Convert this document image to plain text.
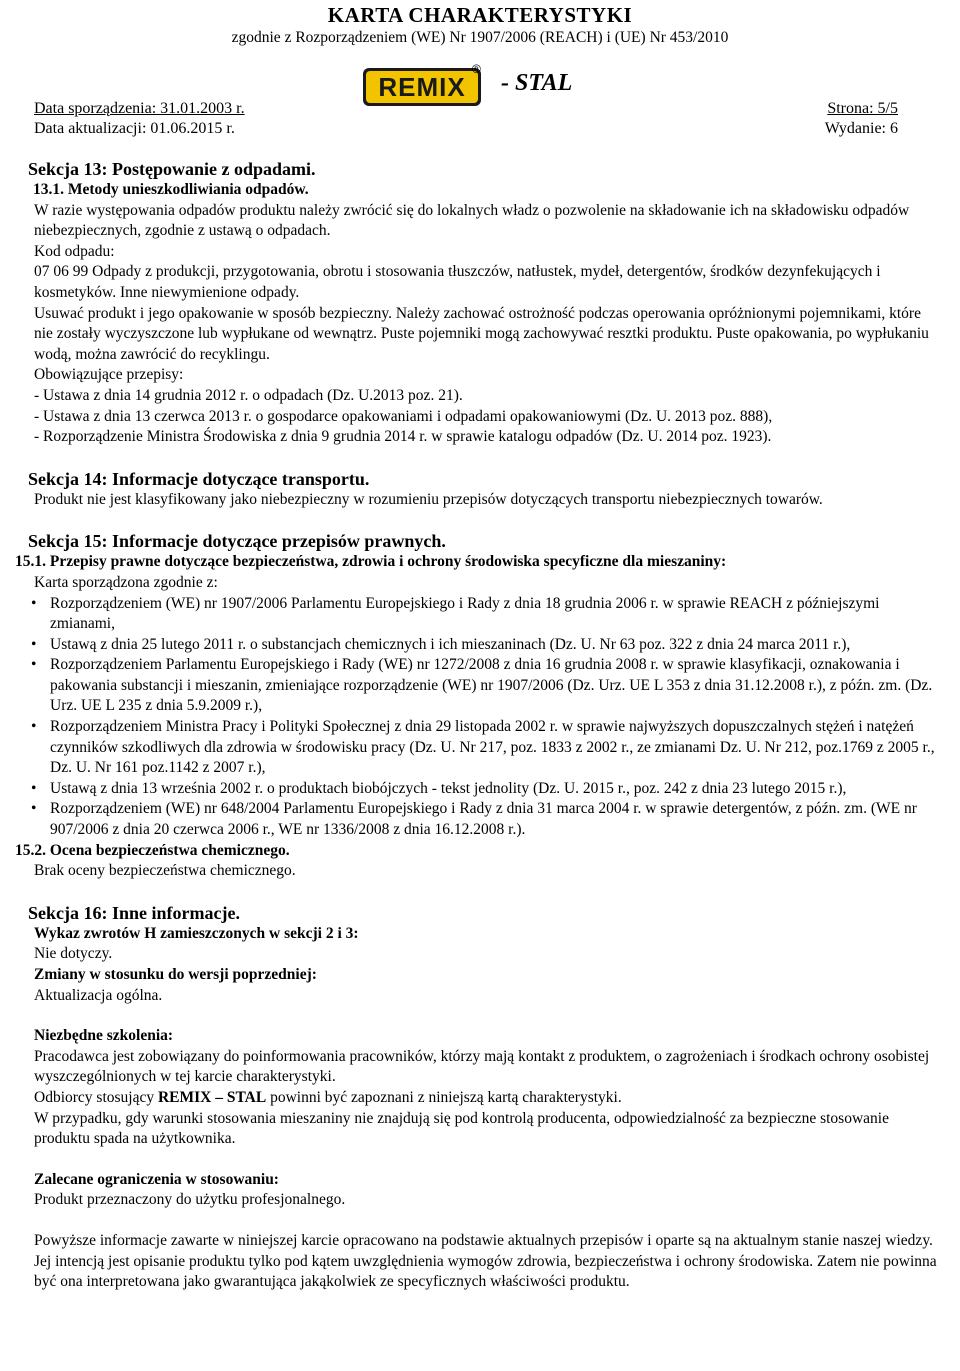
KARTA CHARAKTERYSTYKI
zgodnie z Rozporządzeniem (WE) Nr 1907/2006 (REACH) i (UE) Nr 453/2010
REMIX
®
- STAL
Data sporządzenia: 31.01.2003 r.	Strona: 5/5
Data aktualizacji: 01.06.2015 r.	Wydanie: 6

Sekcja 13: Postępowanie z odpadami.

13.1. Metody unieszkodliwiania odpadów.

W razie występowania odpadów produktu należy zwrócić się do lokalnych władz o pozwolenie na składowanie ich na składowisku odpadów niebezpiecznych, zgodnie z ustawą o odpadach.

Kod odpadu:

07 06 99 Odpady z produkcji, przygotowania, obrotu i stosowania tłuszczów, natłustek, mydeł, detergentów, środków dezynfekujących i kosmetyków. Inne niewymienione odpady.

Usuwać produkt i jego opakowanie w sposób bezpieczny. Należy zachować ostrożność podczas operowania opróżnionymi pojemnikami, które nie zostały wyczyszczone lub wypłukane od wewnątrz. Puste pojemniki mogą zachowywać resztki produktu. Puste opakowania, po wypłukaniu wodą, można zawrócić do recyklingu.

Obowiązujące przepisy:

- Ustawa z dnia 14 grudnia 2012 r. o odpadach (Dz. U.2013 poz. 21).

- Ustawa z dnia 13 czerwca 2013 r. o gospodarce opakowaniami i odpadami opakowaniowymi (Dz. U. 2013 poz. 888),

- Rozporządzenie Ministra Środowiska z dnia 9 grudnia 2014 r. w sprawie katalogu odpadów (Dz. U. 2014 poz. 1923).

Sekcja 14: Informacje dotyczące transportu.

Produkt nie jest klasyfikowany jako niebezpieczny w rozumieniu przepisów dotyczących transportu niebezpiecznych towarów.

Sekcja 15: Informacje dotyczące przepisów prawnych.

15.1. Przepisy prawne dotyczące bezpieczeństwa, zdrowia i ochrony środowiska specyficzne dla mieszaniny:

Karta sporządzona zgodnie z:

• Rozporządzeniem (WE) nr 1907/2006 Parlamentu Europejskiego i Rady z dnia 18 grudnia 2006 r. w sprawie REACH z późniejszymi zmianami,
• Ustawą z dnia 25 lutego 2011 r. o substancjach chemicznych i ich mieszaninach (Dz. U. Nr 63 poz. 322 z dnia 24 marca 2011 r.),
• Rozporządzeniem Parlamentu Europejskiego i Rady (WE) nr 1272/2008 z dnia 16 grudnia 2008 r. w sprawie klasyfikacji, oznakowania i pakowania substancji i mieszanin, zmieniające rozporządzenie (WE) nr 1907/2006 (Dz. Urz. UE L 353 z dnia 31.12.2008 r.), z późn. zm. (Dz. Urz. UE L 235 z dnia 5.9.2009 r.),
• Rozporządzeniem Ministra Pracy i Polityki Społecznej z dnia 29 listopada 2002 r. w sprawie najwyższych dopuszczalnych stężeń i natężeń czynników szkodliwych dla zdrowia w środowisku pracy (Dz. U. Nr 217, poz. 1833 z 2002 r., ze zmianami Dz. U. Nr 212, poz.1769 z 2005 r., Dz. U. Nr 161 poz.1142 z 2007 r.),
• Ustawą z dnia 13 września 2002 r. o produktach biobójczych - tekst jednolity (Dz. U. 2015 r., poz. 242 z dnia 23 lutego 2015 r.),
• Rozporządzeniem (WE) nr 648/2004 Parlamentu Europejskiego i Rady z dnia 31 marca 2004 r. w sprawie detergentów, z późn. zm. (WE nr 907/2006 z dnia 20 czerwca 2006 r., WE nr 1336/2008 z dnia 16.12.2008 r.).

15.2. Ocena bezpieczeństwa chemicznego.

Brak oceny bezpieczeństwa chemicznego.

Sekcja 16: Inne informacje.

Wykaz zwrotów H zamieszczonych w sekcji 2 i 3:

Nie dotyczy.

Zmiany w stosunku do wersji poprzedniej:

Aktualizacja ogólna.

Niezbędne szkolenia:

Pracodawca jest zobowiązany do poinformowania pracowników, którzy mają kontakt z produktem, o zagrożeniach i środkach ochrony osobistej wyszczególnionych w tej karcie charakterystyki.

Odbiorcy stosujący REMIX – STAL powinni być zapoznani z niniejszą kartą charakterystyki.

W przypadku, gdy warunki stosowania mieszaniny nie znajdują się pod kontrolą producenta, odpowiedzialność za bezpieczne stosowanie produktu spada na użytkownika.

Zalecane ograniczenia w stosowaniu:

Produkt przeznaczony do użytku profesjonalnego.

Powyższe informacje zawarte w niniejszej karcie opracowano na podstawie aktualnych przepisów i oparte są na aktualnym stanie naszej wiedzy. Jej intencją jest opisanie produktu tylko pod kątem uwzględnienia wymogów zdrowia, bezpieczeństwa i ochrony środowiska. Zatem nie powinna być ona interpretowana jako gwarantująca jakąkolwiek ze specyficznych właściwości produktu.
